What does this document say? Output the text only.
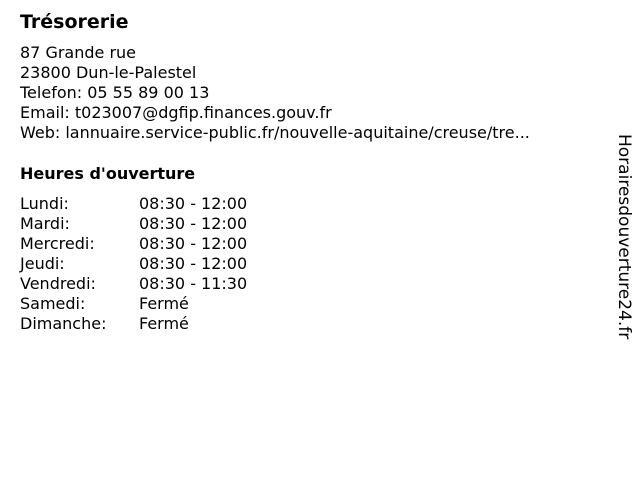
Trésorerie
87 Grande rue
23800 Dun-le-Palestel
Telefon: 05 55 89 00 13
Email: t023007@dgfip.finances.gouv.fr
Web: lannuaire.service-public.fr/nouvelle-aquitaine/creuse/tre...
Heures d'ouverture
Lundi:	08:30 - 12:00
Mardi:	08:30 - 12:00
Mercredi:	08:30 - 12:00
Jeudi:	08:30 - 12:00
Vendredi:	08:30 - 11:30
Samedi:	Fermé
Dimanche: Fermé	Horairesdouverture24.fr
